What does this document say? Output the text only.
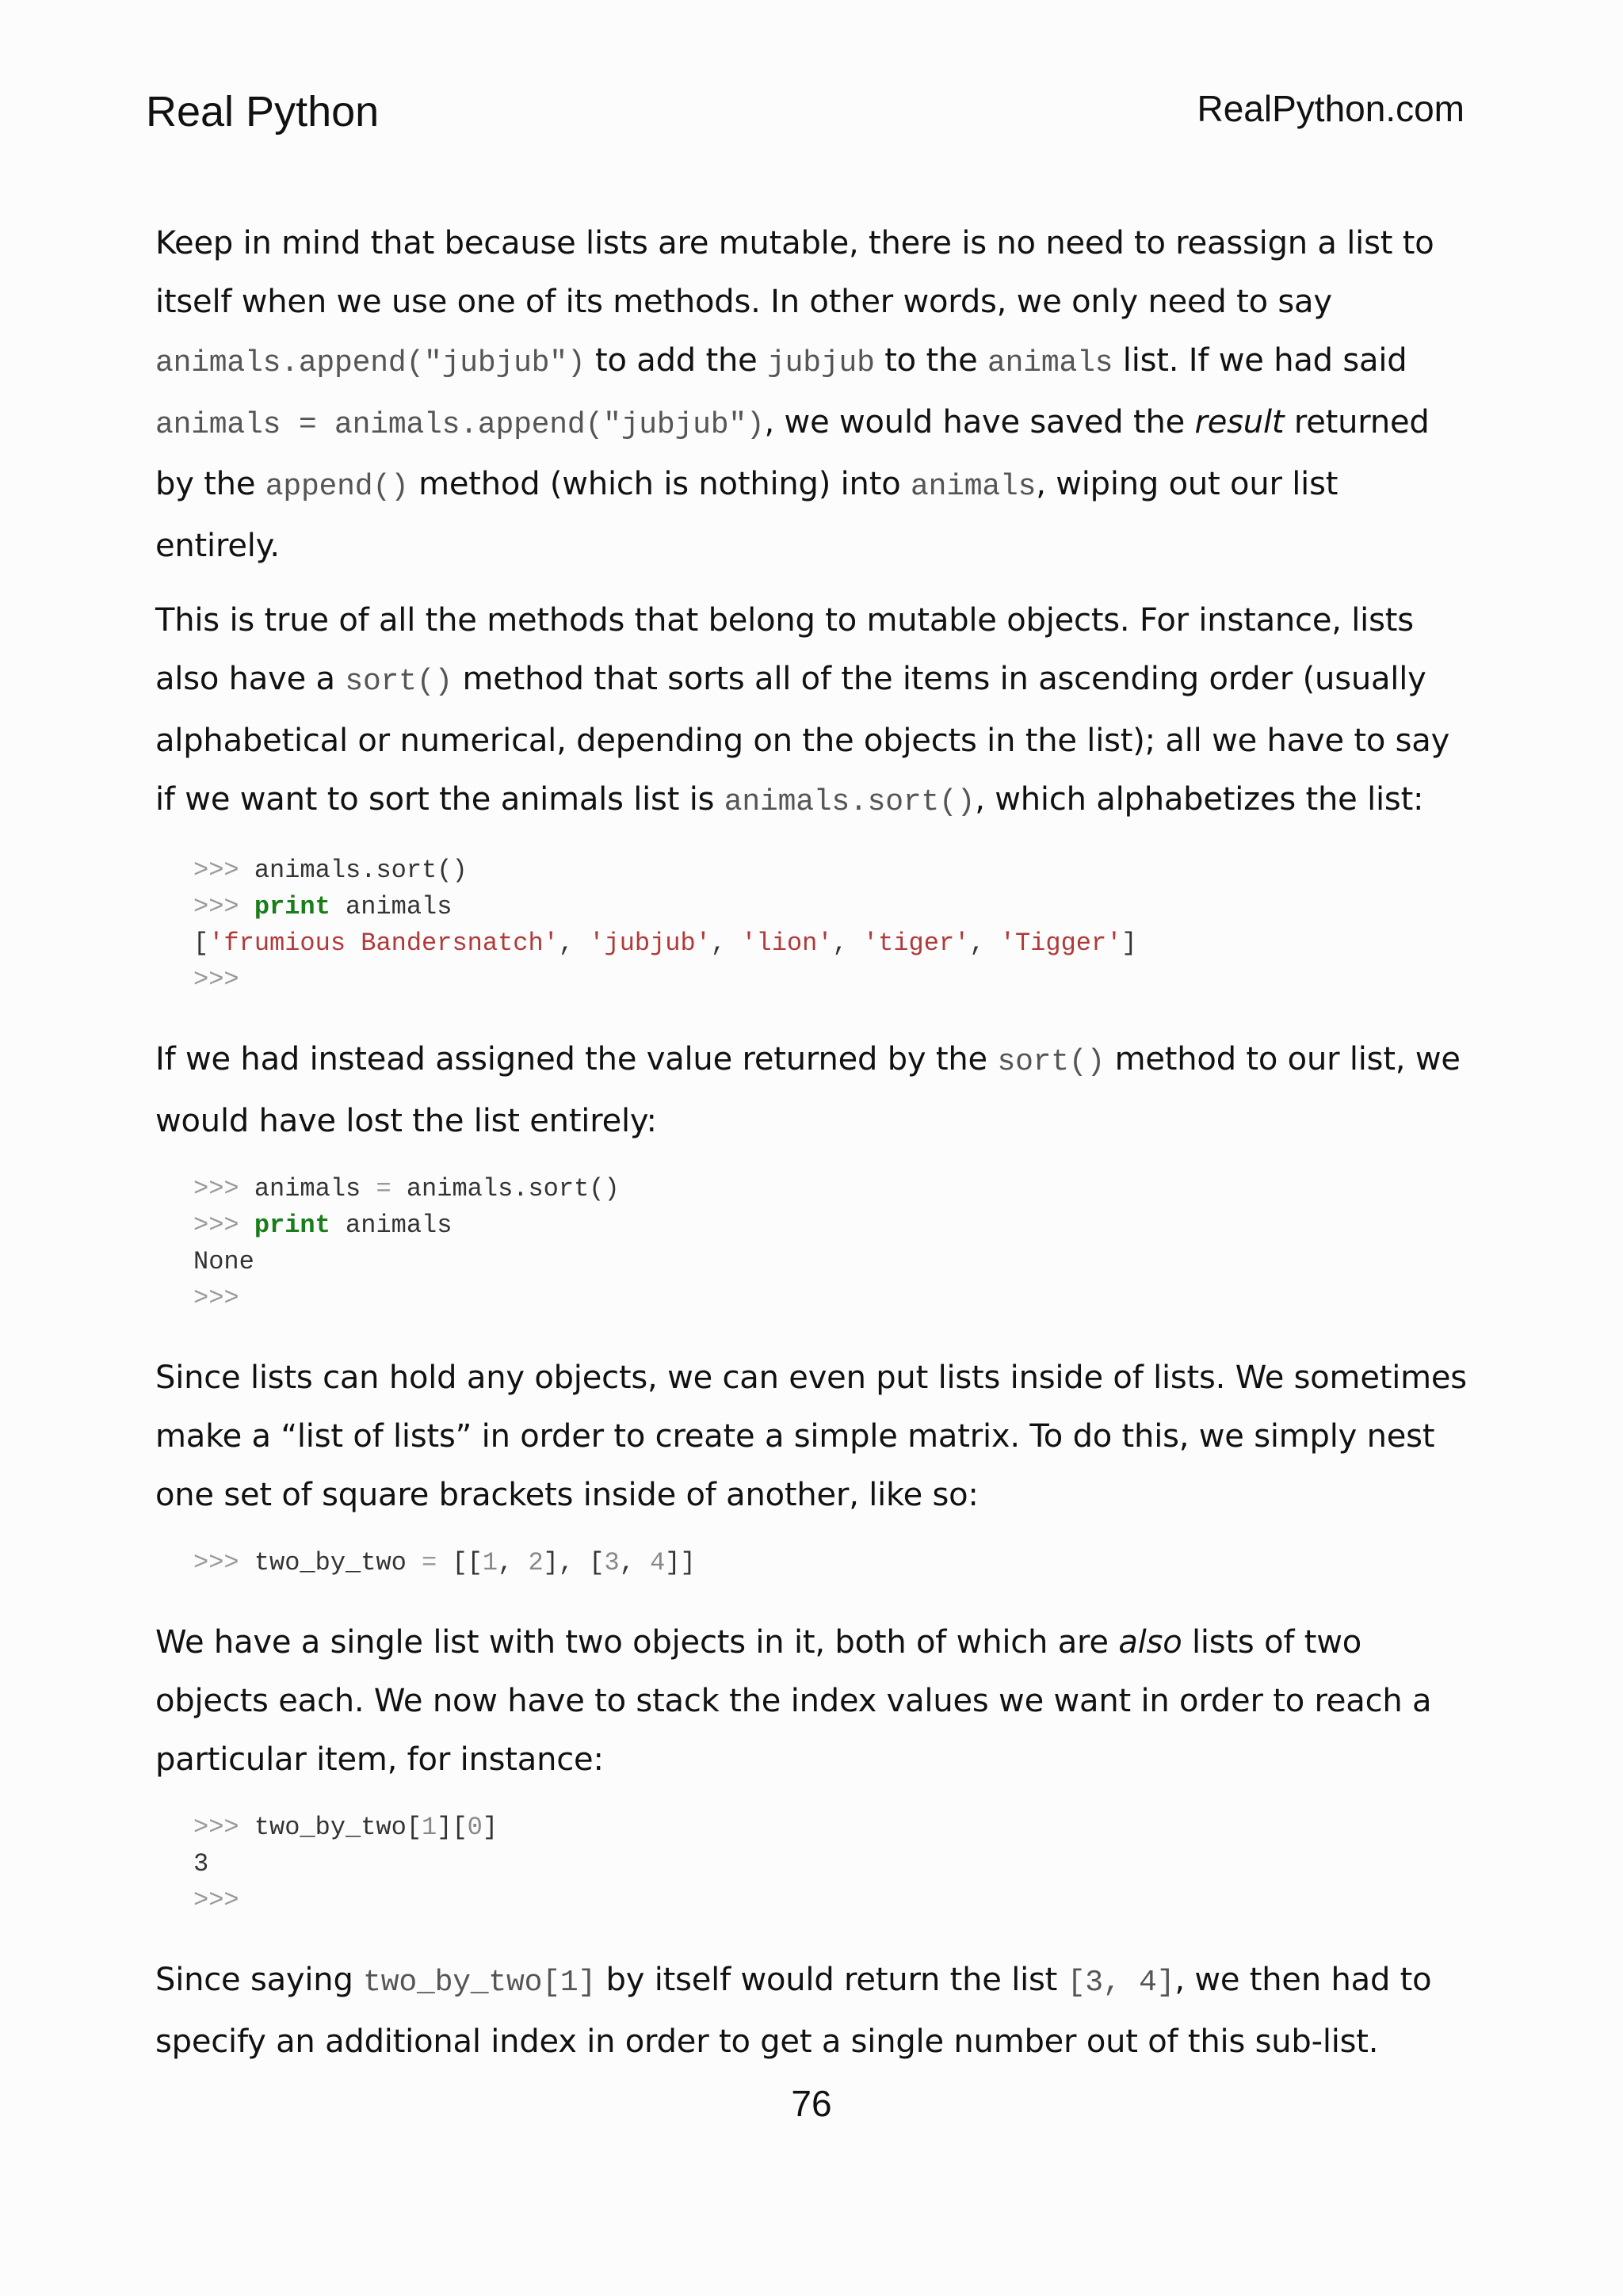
Real Python	RealPython.com

Keep in mind that because lists are mutable, there is no need to reassign a list to itself when we use one of its methods. In other words, we only need to say animals.append("jubjub") to add the jubjub to the animals list. If we had said animals = animals.append("jubjub"), we would have saved the result returned by the append() method (which is nothing) into animals, wiping out our list entirely.

This is true of all the methods that belong to mutable objects. For instance, lists also have a sort() method that sorts all of the items in ascending order (usually alphabetical or numerical, depending on the objects in the list); all we have to say if we want to sort the animals list is animals.sort(), which alphabetizes the list:

>>> animals.sort()
>>> print animals
['frumious Bandersnatch', 'jubjub', 'lion', 'tiger', 'Tigger']
>>>

If we had instead assigned the value returned by the sort() method to our list, we would have lost the list entirely:

>>> animals = animals.sort()
>>> print animals
None
>>>

Since lists can hold any objects, we can even put lists inside of lists. We sometimes make a “list of lists” in order to create a simple matrix. To do this, we simply nest one set of square brackets inside of another, like so:

>>> two_by_two = [[1, 2], [3, 4]]

We have a single list with two objects in it, both of which are also lists of two objects each. We now have to stack the index values we want in order to reach a particular item, for instance:

>>> two_by_two[1][0]
3
>>>

Since saying two_by_two[1] by itself would return the list [3, 4], we then had to specify an additional index in order to get a single number out of this sub-list.

76
